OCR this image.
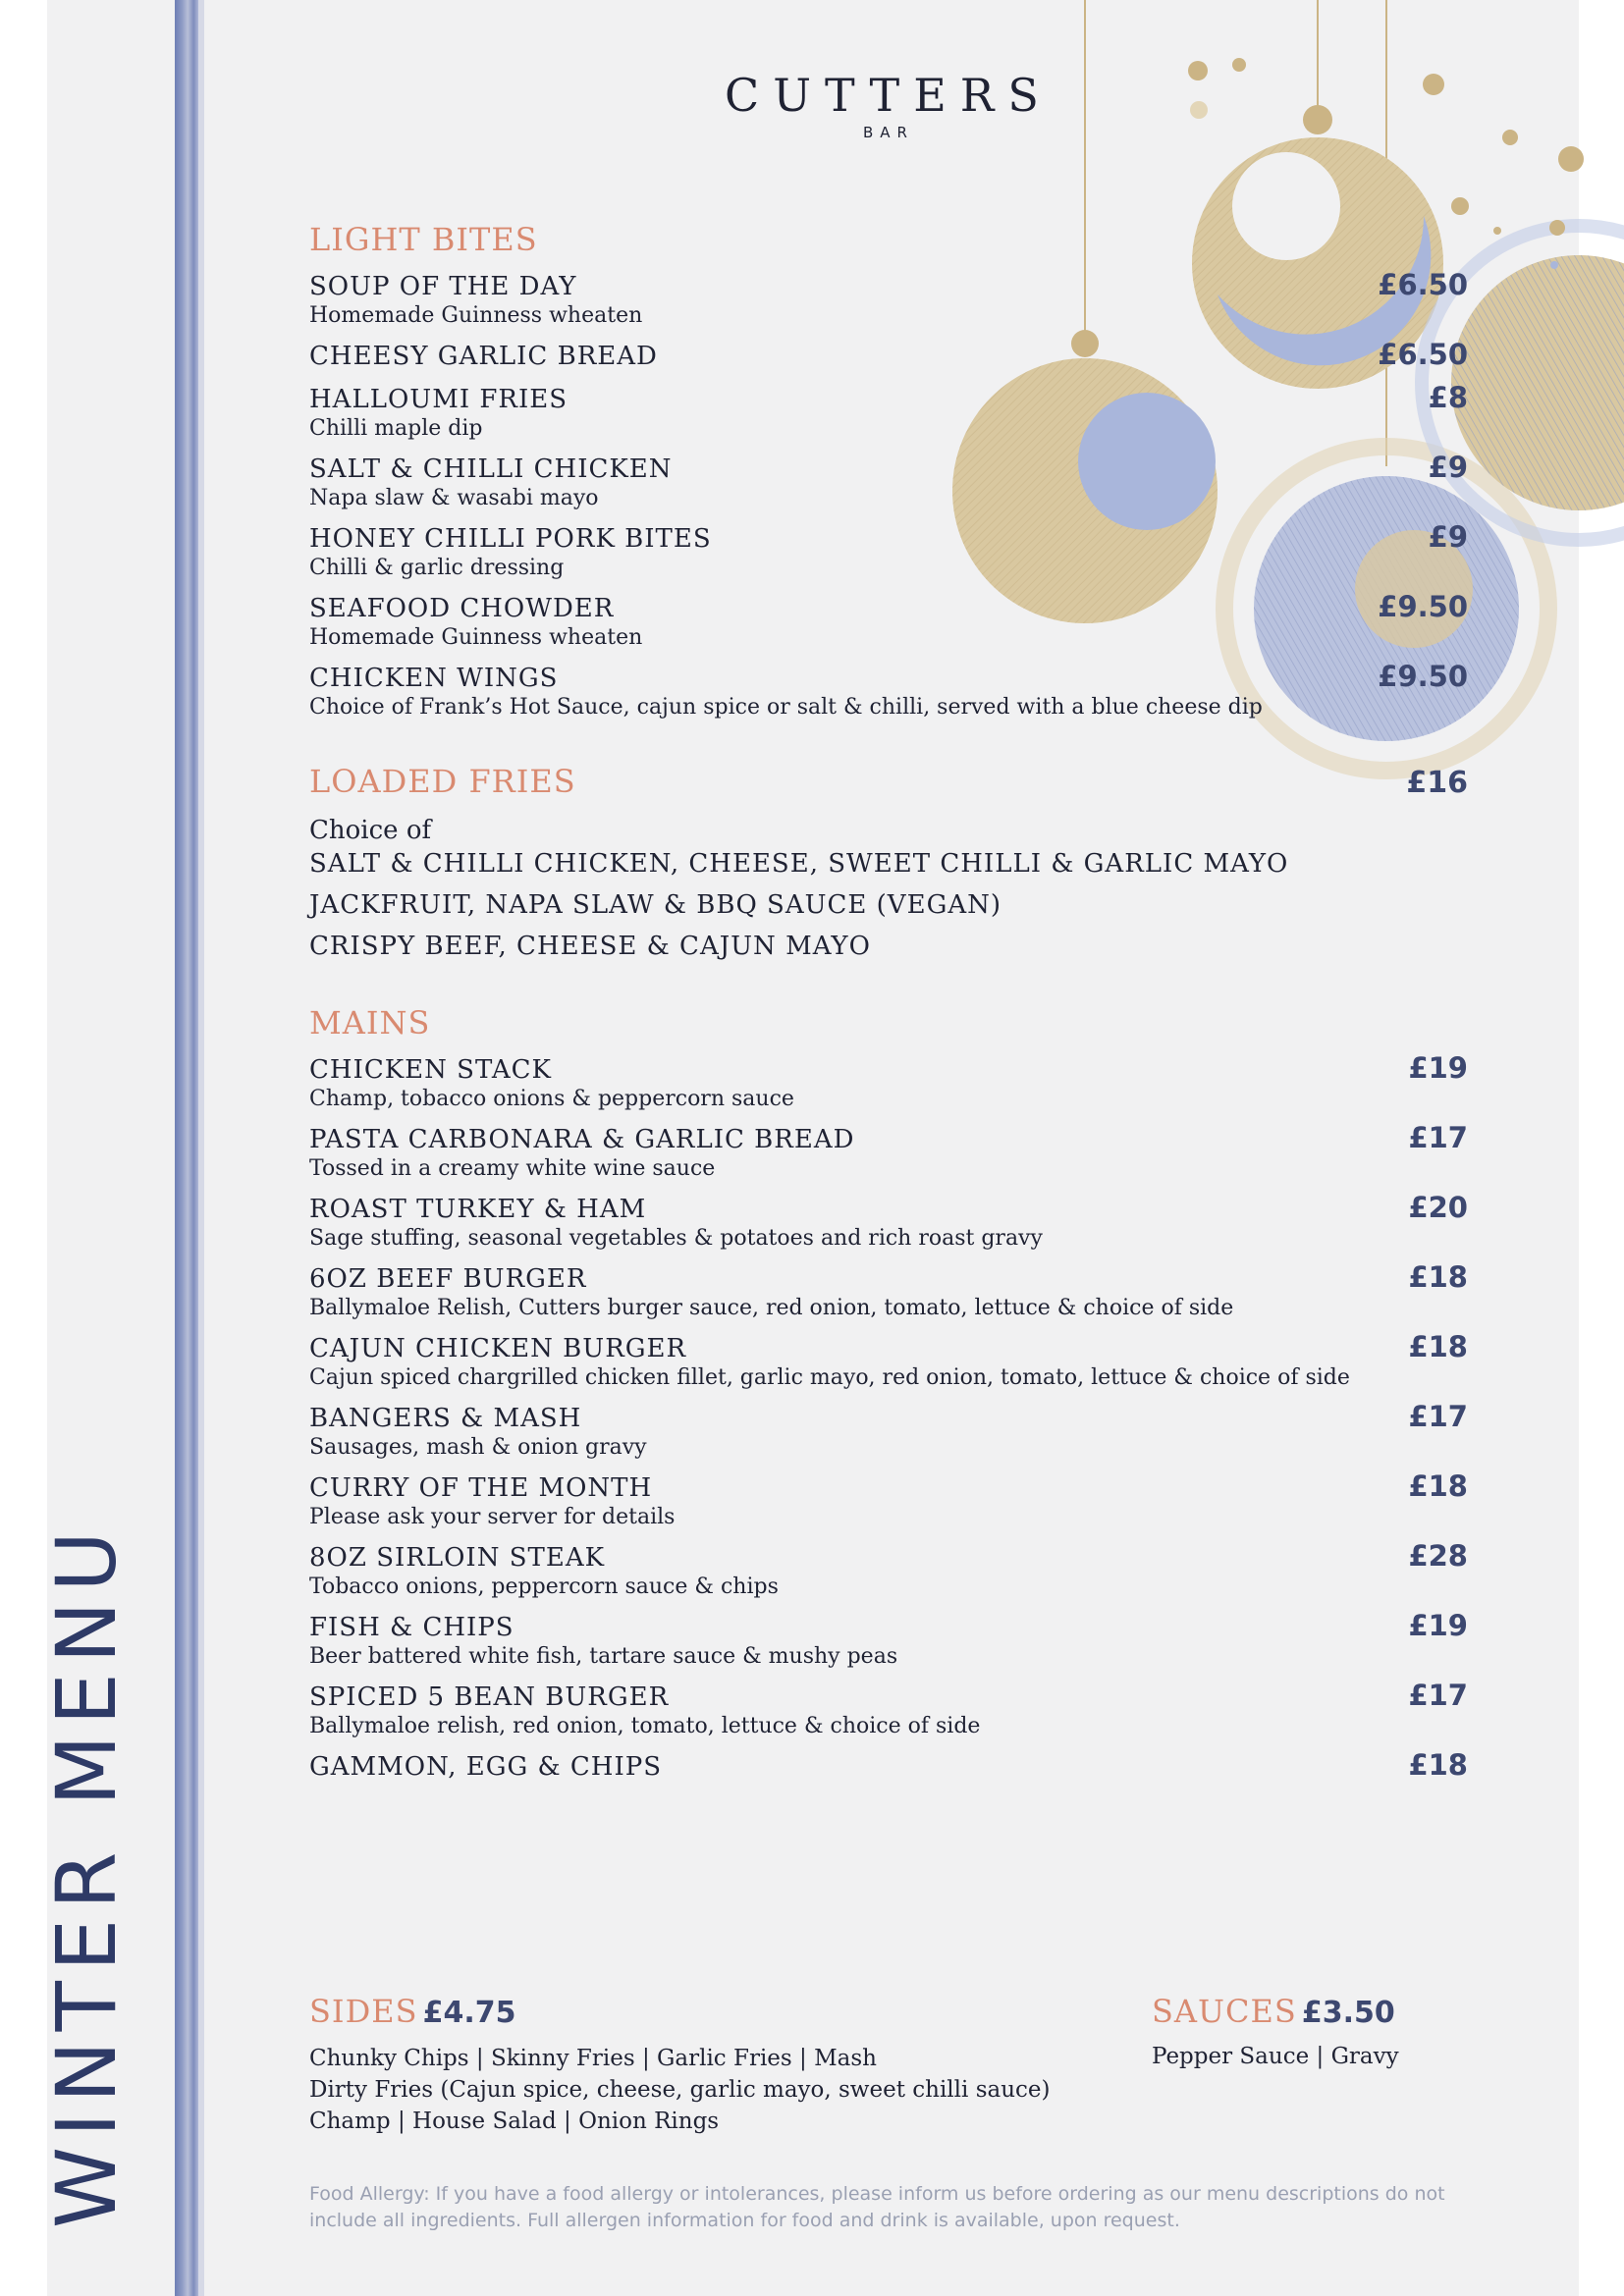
WINTER MENU
CUTTERS
BAR
LIGHT BITES
SOUP OF THE DAY	£6.50
Homemade Guinness wheaten
CHEESY GARLIC BREAD	£6.50
HALLOUMI FRIES	£8
Chilli maple dip
SALT & CHILLI CHICKEN	£9
Napa slaw & wasabi mayo
HONEY CHILLI PORK BITES	£9
Chilli & garlic dressing
SEAFOOD CHOWDER	£9.50
Homemade Guinness wheaten
CHICKEN WINGS	£9.50
Choice of Frank’s Hot Sauce, cajun spice or salt & chilli, served with a blue cheese dip
LOADED FRIES	£16
Choice of
SALT & CHILLI CHICKEN, CHEESE, SWEET CHILLI & GARLIC MAYO
JACKFRUIT, NAPA SLAW & BBQ SAUCE (VEGAN)
CRISPY BEEF, CHEESE & CAJUN MAYO
MAINS
CHICKEN STACK	£19
Champ, tobacco onions & peppercorn sauce
PASTA CARBONARA & GARLIC BREAD	£17
Tossed in a creamy white wine sauce
ROAST TURKEY & HAM	£20
Sage stuffing, seasonal vegetables & potatoes and rich roast gravy
6OZ BEEF BURGER	£18
Ballymaloe Relish, Cutters burger sauce, red onion, tomato, lettuce & choice of side
CAJUN CHICKEN BURGER	£18
Cajun spiced chargrilled chicken fillet, garlic mayo, red onion, tomato, lettuce & choice of side
BANGERS & MASH	£17
Sausages, mash & onion gravy
CURRY OF THE MONTH	£18
Please ask your server for details
8OZ SIRLOIN STEAK	£28
Tobacco onions, peppercorn sauce & chips
FISH & CHIPS	£19
Beer battered white fish, tartare sauce & mushy peas
SPICED 5 BEAN BURGER	£17
Ballymaloe relish, red onion, tomato, lettuce & choice of side
GAMMON, EGG & CHIPS	£18
SIDES £4.75
Chunky Chips | Skinny Fries | Garlic Fries | Mash
Dirty Fries (Cajun spice, cheese, garlic mayo, sweet chilli sauce)
Champ | House Salad | Onion Rings
SAUCES £3.50
Pepper Sauce | Gravy
Food Allergy: If you have a food allergy or intolerances, please inform us before ordering as our menu descriptions do not include all ingredients. Full allergen information for food and drink is available, upon request.
